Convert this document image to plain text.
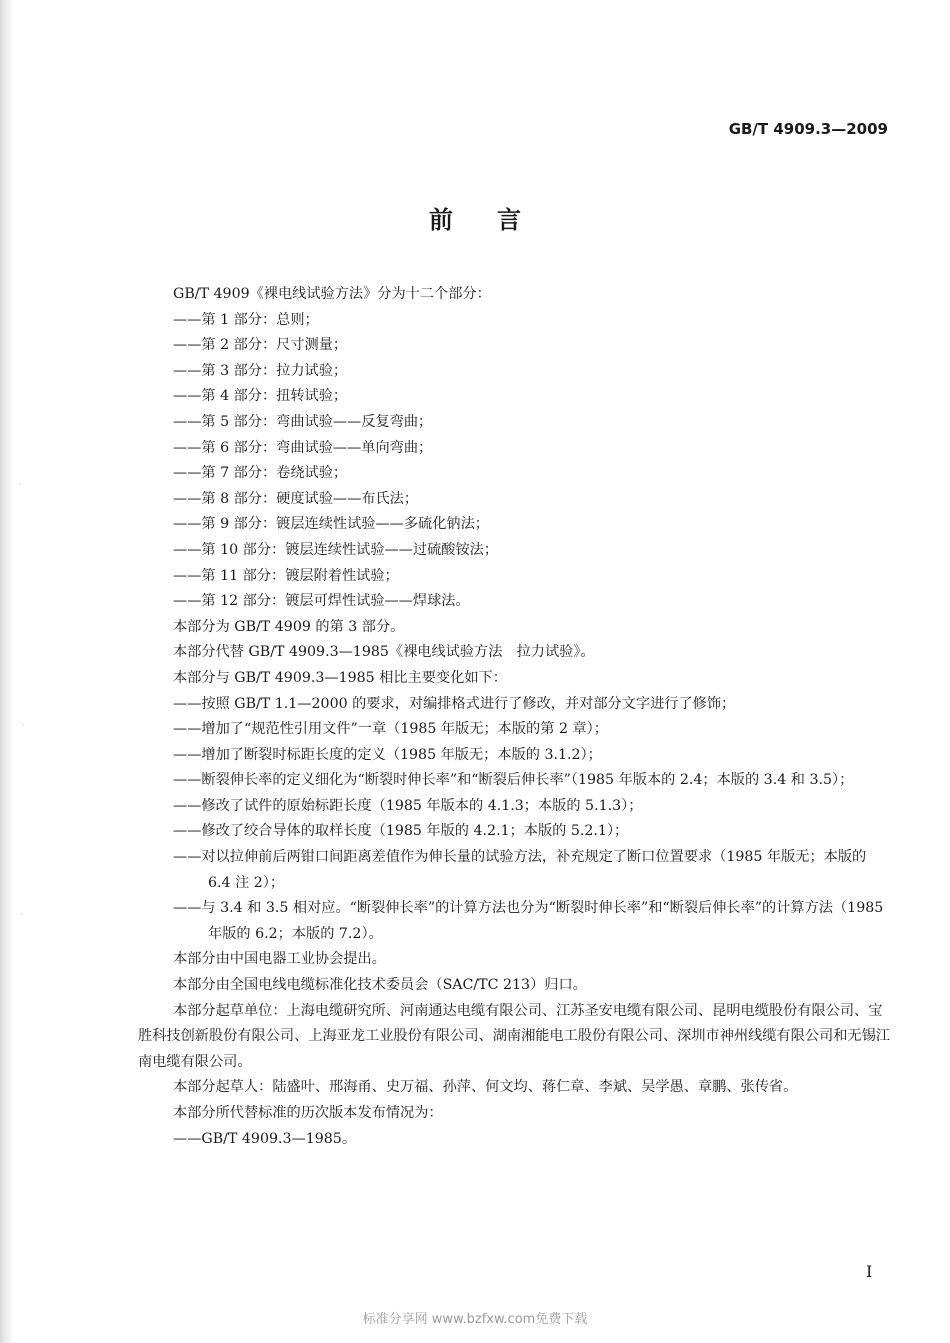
·
·
·
GB/T 4909.3—2009
前言

GB/T 4909《裸电线试验方法》分为十二个部分：

——第 1 部分：总则；

——第 2 部分：尺寸测量；

——第 3 部分：拉力试验；

——第 4 部分：扭转试验；

——第 5 部分：弯曲试验——反复弯曲；

——第 6 部分：弯曲试验——单向弯曲；

——第 7 部分：卷绕试验；

——第 8 部分：硬度试验——布氏法；

——第 9 部分：镀层连续性试验——多硫化钠法；

——第 10 部分：镀层连续性试验——过硫酸铵法；

——第 11 部分：镀层附着性试验；

——第 12 部分：镀层可焊性试验——焊球法。

本部分为 GB/T 4909 的第 3 部分。

本部分代替 GB/T 4909.3—1985《裸电线试验方法　拉力试验》。

本部分与 GB/T 4909.3—1985 相比主要变化如下：

——按照 GB/T 1.1—2000 的要求，对编排格式进行了修改，并对部分文字进行了修饰；

——增加了“规范性引用文件”一章（1985 年版无；本版的第 2 章）；

——增加了断裂时标距长度的定义（1985 年版无；本版的 3.1.2）；

——断裂伸长率的定义细化为“断裂时伸长率”和“断裂后伸长率”（1985 年版本的 2.4；本版的 3.4 和 3.5）；

——修改了试件的原始标距长度（1985 年版本的 4.1.3；本版的 5.1.3）；

——修改了绞合导体的取样长度（1985 年版的 4.2.1；本版的 5.2.1）；

——对以拉伸前后两钳口间距离差值作为伸长量的试验方法，补充规定了断口位置要求（1985 年版无；本版的 6.4 注 2）；

——与 3.4 和 3.5 相对应。“断裂伸长率”的计算方法也分为“断裂时伸长率”和“断裂后伸长率”的计算方法（1985 年版的 6.2；本版的 7.2）。

本部分由中国电器工业协会提出。

本部分由全国电线电缆标准化技术委员会（SAC/TC 213）归口。

本部分起草单位：上海电缆研究所、河南通达电缆有限公司、江苏圣安电缆有限公司、昆明电缆股份有限公司、宝胜科技创新股份有限公司、上海亚龙工业股份有限公司、湖南湘能电工股份有限公司、深圳市神州线缆有限公司和无锡江南电缆有限公司。

本部分起草人：陆盛叶、邢海甬、史万福、孙萍、何文均、蒋仁章、李斌、吴学愚、章鹏、张传省。

本部分所代替标准的历次版本发布情况为：

——GB/T 4909.3—1985。

I
标准分享网 www.bzfxw.com免费下载
